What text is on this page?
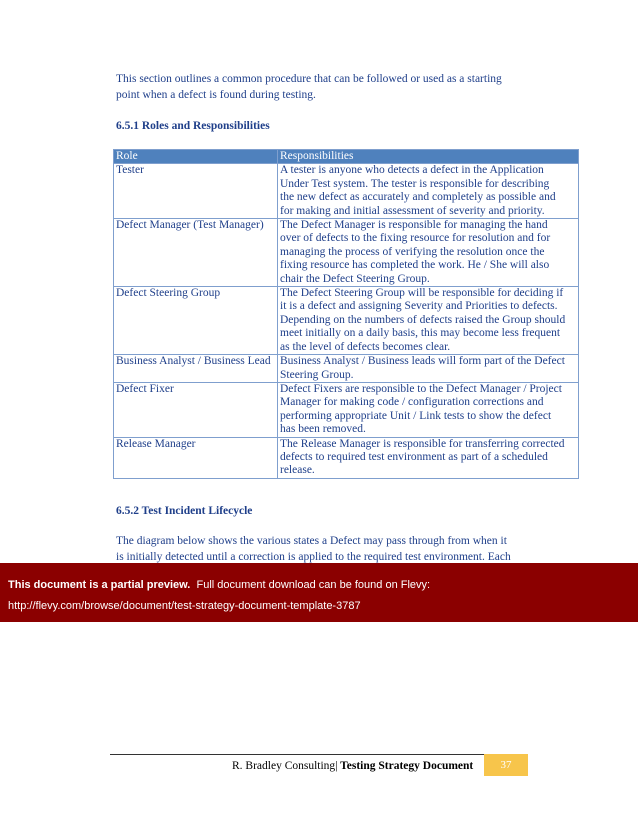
This section outlines a common procedure that can be followed or used as a starting
point when a defect is found during testing.
6.5.1 Roles and Responsibilities
Role	Responsibilities
Tester	A tester is anyone who detects a defect in the Application
Under Test system. The tester is responsible for describing
the new defect as accurately and completely as possible and
for making and initial assessment of severity and priority.

Defect Manager (Test Manager)	The Defect Manager is responsible for managing the hand
over of defects to the fixing resource for resolution and for
managing the process of verifying the resolution once the
fixing resource has completed the work. He / She will also
chair the Defect Steering Group.

Defect Steering Group	The Defect Steering Group will be responsible for deciding if
it is a defect and assigning Severity and Priorities to defects.
Depending on the numbers of defects raised the Group should
meet initially on a daily basis, this may become less frequent
as the level of defects becomes clear.

Business Analyst / Business Lead	Business Analyst / Business leads will form part of the Defect
Steering Group.

Defect Fixer	Defect Fixers are responsible to the Defect Manager / Project
Manager for making code / configuration corrections and
performing appropriate Unit / Link tests to show the defect
has been removed.

Release Manager	The Release Manager is responsible for transferring corrected
defects to required test environment as part of a scheduled
release.
6.5.2 Test Incident Lifecycle
The diagram below shows the various states a Defect may pass through from when it
is initially detected until a correction is applied to the required test environment. Each
This document is a partial preview.  Full document download can be found on Flevy:
http://flevy.com/browse/document/test-strategy-document-template-3787
R. Bradley Consulting| Testing Strategy Document	37
